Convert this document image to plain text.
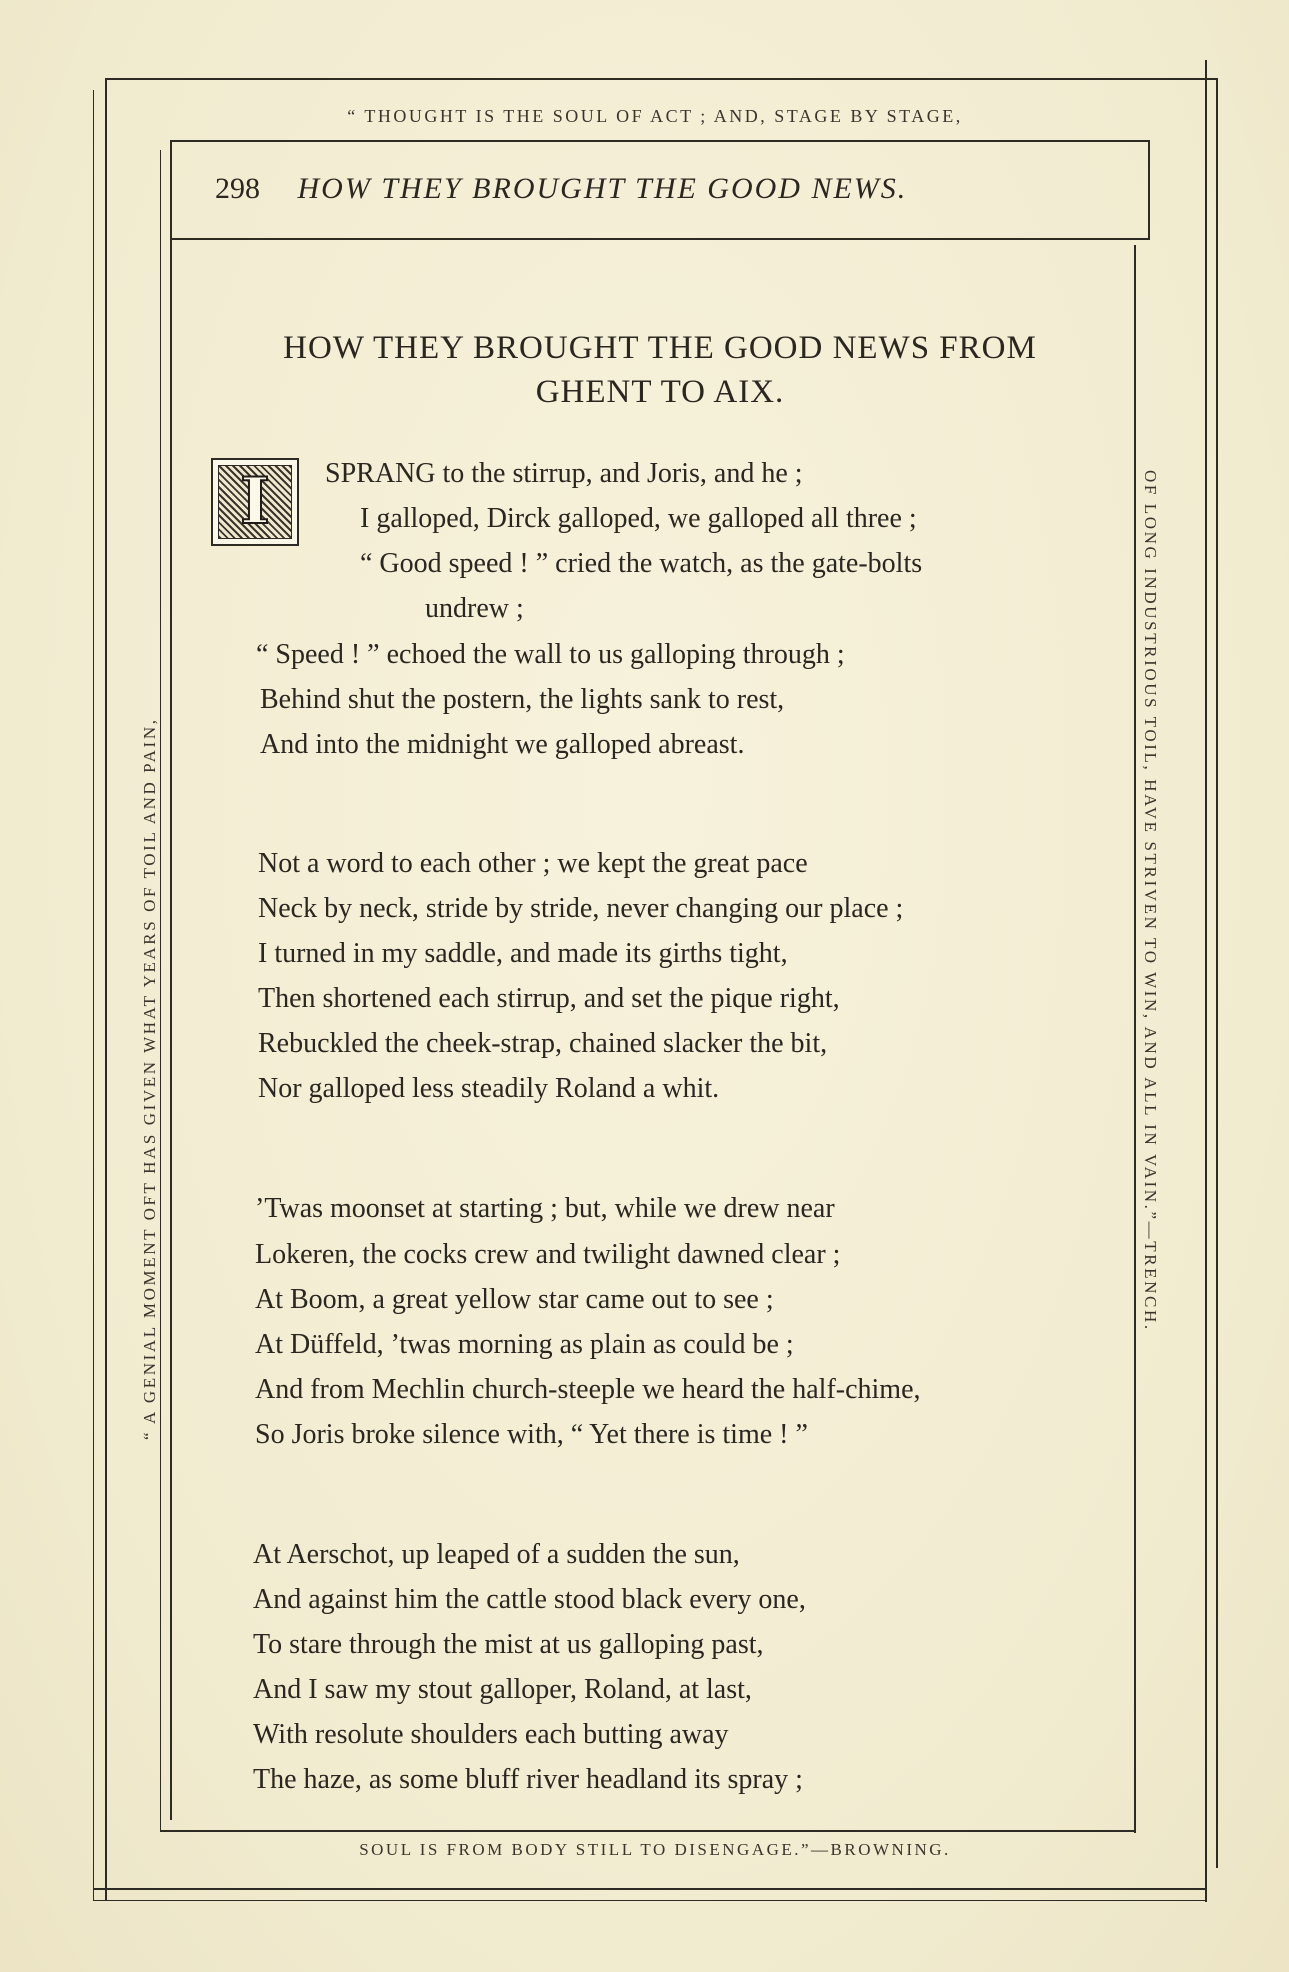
“ THOUGHT IS THE SOUL OF ACT ; AND, STAGE BY STAGE,
SOUL IS FROM BODY STILL TO DISENGAGE.”—BROWNING.
“ A GENIAL MOMENT OFT HAS GIVEN WHAT YEARS OF TOIL AND PAIN,	OF LONG INDUSTRIOUS TOIL, HAVE STRIVEN TO WIN, AND ALL IN VAIN.”—TRENCH.
298 HOW THEY BROUGHT THE GOOD NEWS.
HOW THEY BROUGHT THE GOOD NEWS FROM
GHENT TO AIX.
I	SPRANG to the stirrup, and Joris, and he ;
I galloped, Dirck galloped, we galloped all three ;
“ Good speed ! ” cried the watch, as the gate-bolts
undrew ;
“ Speed ! ” echoed the wall to us galloping through ;
Behind shut the postern, the lights sank to rest,
And into the midnight we galloped abreast.
Not a word to each other ; we kept the great pace
Neck by neck, stride by stride, never changing our place ;
I turned in my saddle, and made its girths tight,
Then shortened each stirrup, and set the pique right,
Rebuckled the cheek-strap, chained slacker the bit,
Nor galloped less steadily Roland a whit.
’Twas moonset at starting ; but, while we drew near
Lokeren, the cocks crew and twilight dawned clear ;
At Boom, a great yellow star came out to see ;
At Düffeld, ’twas morning as plain as could be ;
And from Mechlin church-steeple we heard the half-chime,
So Joris broke silence with, “ Yet there is time ! ”
At Aerschot, up leaped of a sudden the sun,
And against him the cattle stood black every one,
To stare through the mist at us galloping past,
And I saw my stout galloper, Roland, at last,
With resolute shoulders each butting away
The haze, as some bluff river headland its spray ;
